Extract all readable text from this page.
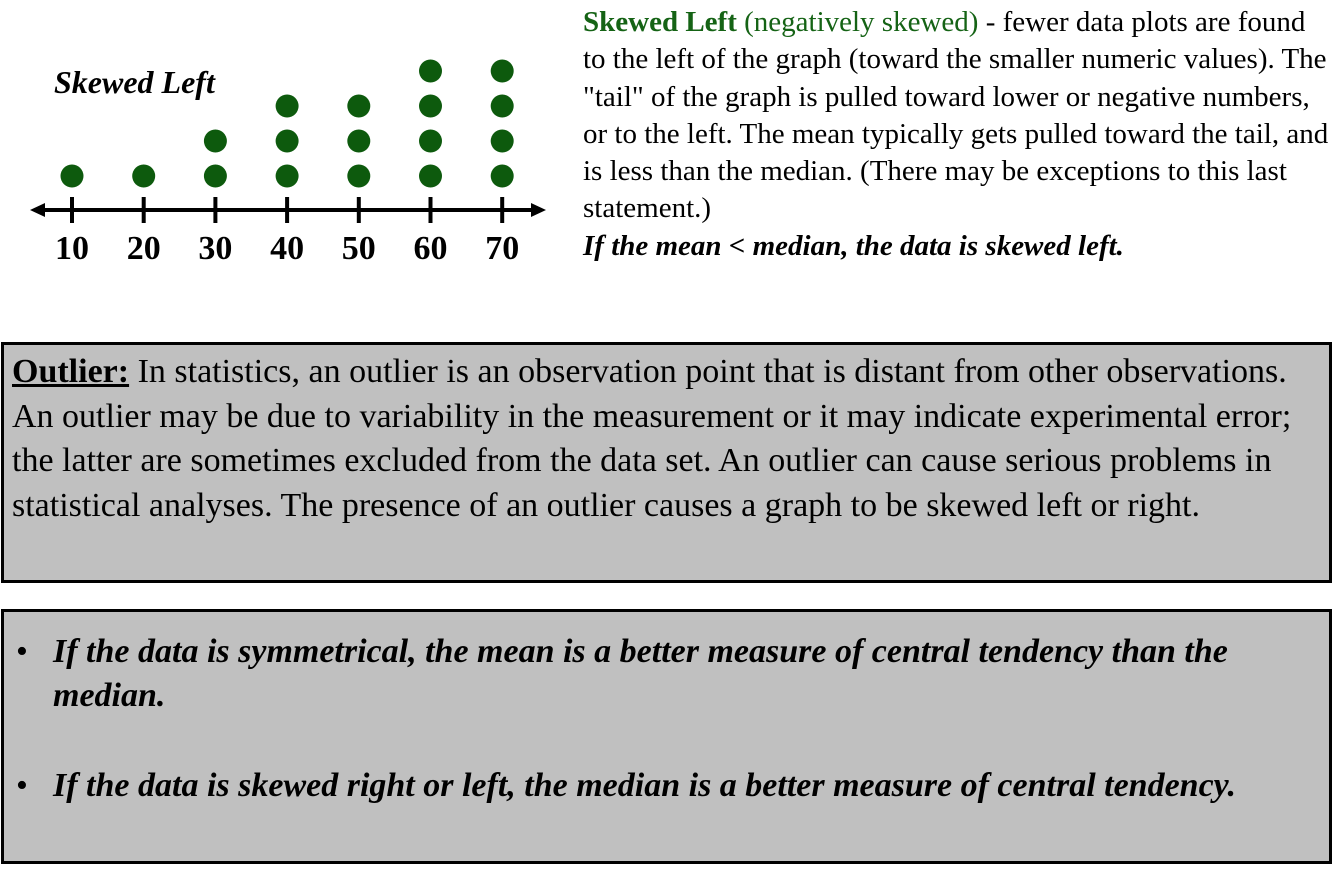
Skewed Left
10 20 30 40 50 60 70
Skewed Left (negatively skewed) - fewer data plots are found to the left of the graph (toward the smaller numeric values). The "tail" of the graph is pulled toward lower or negative numbers, or to the left. The mean typically gets pulled toward the tail, and is less than the median. (There may be exceptions to this last statement.)
If the mean < median, the data is skewed left.
Outlier: In statistics, an outlier is an observation point that is distant from other observations. An outlier may be due to variability in the measurement or it may indicate experimental error; the latter are sometimes excluded from the data set. An outlier can cause serious problems in statistical analyses. The presence of an outlier causes a graph to be skewed left or right.
• If the data is symmetrical, the mean is a better measure of central tendency than the median.
• If the data is skewed right or left, the median is a better measure of central tendency.
